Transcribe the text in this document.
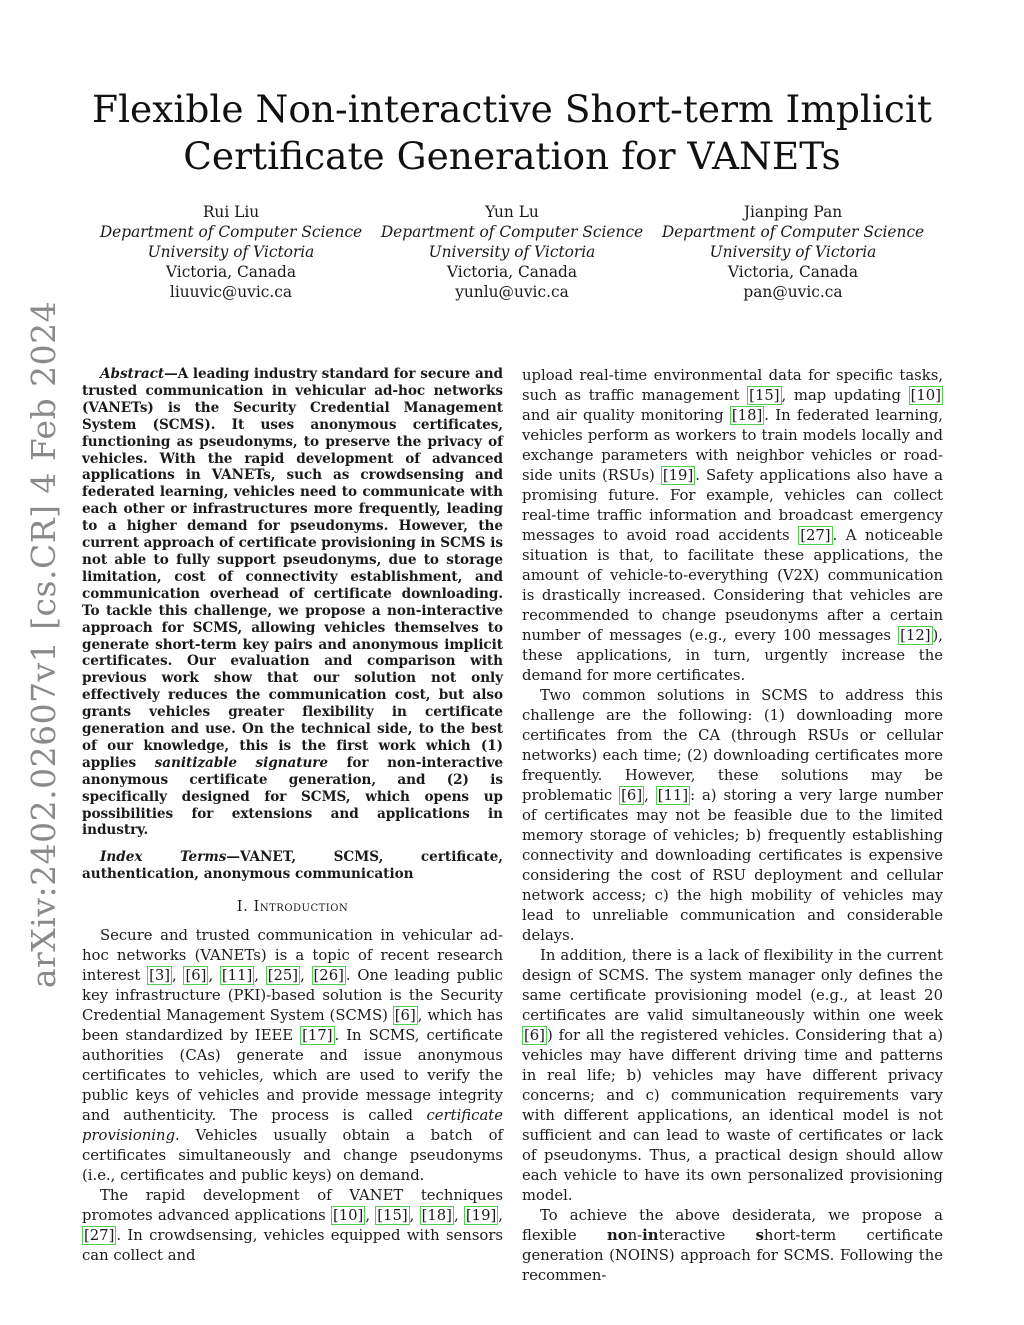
arXiv:2402.02607v1 [cs.CR] 4 Feb 2024
Flexible Non-interactive Short-term Implicit Certificate Generation for VANETs
Rui Liu
Department of Computer Science
University of Victoria
Victoria, Canada
liuuvic@uvic.ca
Yun Lu
Department of Computer Science
University of Victoria
Victoria, Canada
yunlu@uvic.ca
Jianping Pan
Department of Computer Science
University of Victoria
Victoria, Canada
pan@uvic.ca

Abstract—A leading industry standard for secure and trusted communication in vehicular ad-hoc networks (VANETs) is the Security Credential Management System (SCMS). It uses anonymous certificates, functioning as pseudonyms, to preserve the privacy of vehicles. With the rapid development of advanced applications in VANETs, such as crowdsensing and federated learning, vehicles need to communicate with each other or infrastructures more frequently, leading to a higher demand for pseudonyms. However, the current approach of certificate provisioning in SCMS is not able to fully support pseudonyms, due to storage limitation, cost of connectivity establishment, and communication overhead of certificate downloading. To tackle this challenge, we propose a non-interactive approach for SCMS, allowing vehicles themselves to generate short-term key pairs and anonymous implicit certificates. Our evaluation and comparison with previous work show that our solution not only effectively reduces the communication cost, but also grants vehicles greater flexibility in certificate generation and use. On the technical side, to the best of our knowledge, this is the first work which (1) applies sanitizable signature for non-interactive anonymous certificate generation, and (2) is specifically designed for SCMS, which opens up possibilities for extensions and applications in industry.

Index Terms—VANET, SCMS, certificate, authentication, anonymous communication

I. Introduction

Secure and trusted communication in vehicular ad-hoc networks (VANETs) is a topic of recent research interest [3] , [6] , [11] , [25] , [26] . One leading public key infrastructure (PKI)-based solution is the Security Credential Management System (SCMS) [6] , which has been standardized by IEEE [17] . In SCMS, certificate authorities (CAs) generate and issue anonymous certificates to vehicles, which are used to verify the public keys of vehicles and provide message integrity and authenticity. The process is called certificate provisioning. Vehicles usually obtain a batch of certificates simultaneously and change pseudonyms (i.e., certificates and public keys) on demand.

The rapid development of VANET techniques promotes advanced applications [10] , [15] , [18] , [19] , [27] . In crowdsensing, vehicles equipped with sensors can collect and

upload real-time environmental data for specific tasks, such as traffic management [15] , map updating [10] and air quality monitoring [18] . In federated learning, vehicles perform as workers to train models locally and exchange parameters with neighbor vehicles or road-side units (RSUs) [19] . Safety applications also have a promising future. For example, vehicles can collect real-time traffic information and broadcast emergency messages to avoid road accidents [27] . A noticeable situation is that, to facilitate these applications, the amount of vehicle-to-everything (V2X) communication is drastically increased. Considering that vehicles are recommended to change pseudonyms after a certain number of messages (e.g., every 100 messages [12] ), these applications, in turn, urgently increase the demand for more certificates.

Two common solutions in SCMS to address this challenge are the following: (1) downloading more certificates from the CA (through RSUs or cellular networks) each time; (2) downloading certificates more frequently. However, these solutions may be problematic [6] , [11] : a) storing a very large number of certificates may not be feasible due to the limited memory storage of vehicles; b) frequently establishing connectivity and downloading certificates is expensive considering the cost of RSU deployment and cellular network access; c) the high mobility of vehicles may lead to unreliable communication and considerable delays.

In addition, there is a lack of flexibility in the current design of SCMS. The system manager only defines the same certificate provisioning model (e.g., at least 20 certificates are valid simultaneously within one week [6] ) for all the registered vehicles. Considering that a) vehicles may have different driving time and patterns in real life; b) vehicles may have different privacy concerns; and c) communication requirements vary with different applications, an identical model is not sufficient and can lead to waste of certificates or lack of pseudonyms. Thus, a practical design should allow each vehicle to have its own personalized provisioning model.

To achieve the above desiderata, we propose a flexible non-interactive short-term certificate generation (NOINS) approach for SCMS. Following the recommen-
